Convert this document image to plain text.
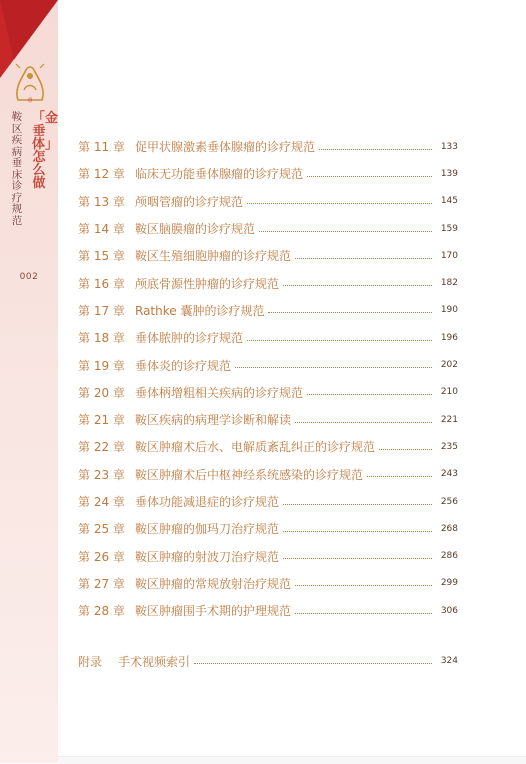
垂
鞍区疾病垂床诊疗规范
「金垂体」怎么做
002
第 11 章 促甲状腺激素垂体腺瘤的诊疗规范	133
第 12 章 临床无功能垂体腺瘤的诊疗规范	139
第 13 章 颅咽管瘤的诊疗规范	145
第 14 章 鞍区脑膜瘤的诊疗规范	159
第 15 章 鞍区生殖细胞肿瘤的诊疗规范	170
第 16 章 颅底骨源性肿瘤的诊疗规范	182
第 17 章 Rathke 囊肿的诊疗规范	190
第 18 章 垂体脓肿的诊疗规范	196
第 19 章 垂体炎的诊疗规范	202
第 20 章 垂体柄增粗相关疾病的诊疗规范	210
第 21 章 鞍区疾病的病理学诊断和解读	221
第 22 章 鞍区肿瘤术后水、电解质紊乱纠正的诊疗规范	235
第 23 章 鞍区肿瘤术后中枢神经系统感染的诊疗规范	243
第 24 章 垂体功能减退症的诊疗规范	256
第 25 章 鞍区肿瘤的伽玛刀治疗规范	268
第 26 章 鞍区肿瘤的射波刀治疗规范	286
第 27 章 鞍区肿瘤的常规放射治疗规范	299
第 28 章 鞍区肿瘤围手术期的护理规范	306
附录	手术视频索引	324
